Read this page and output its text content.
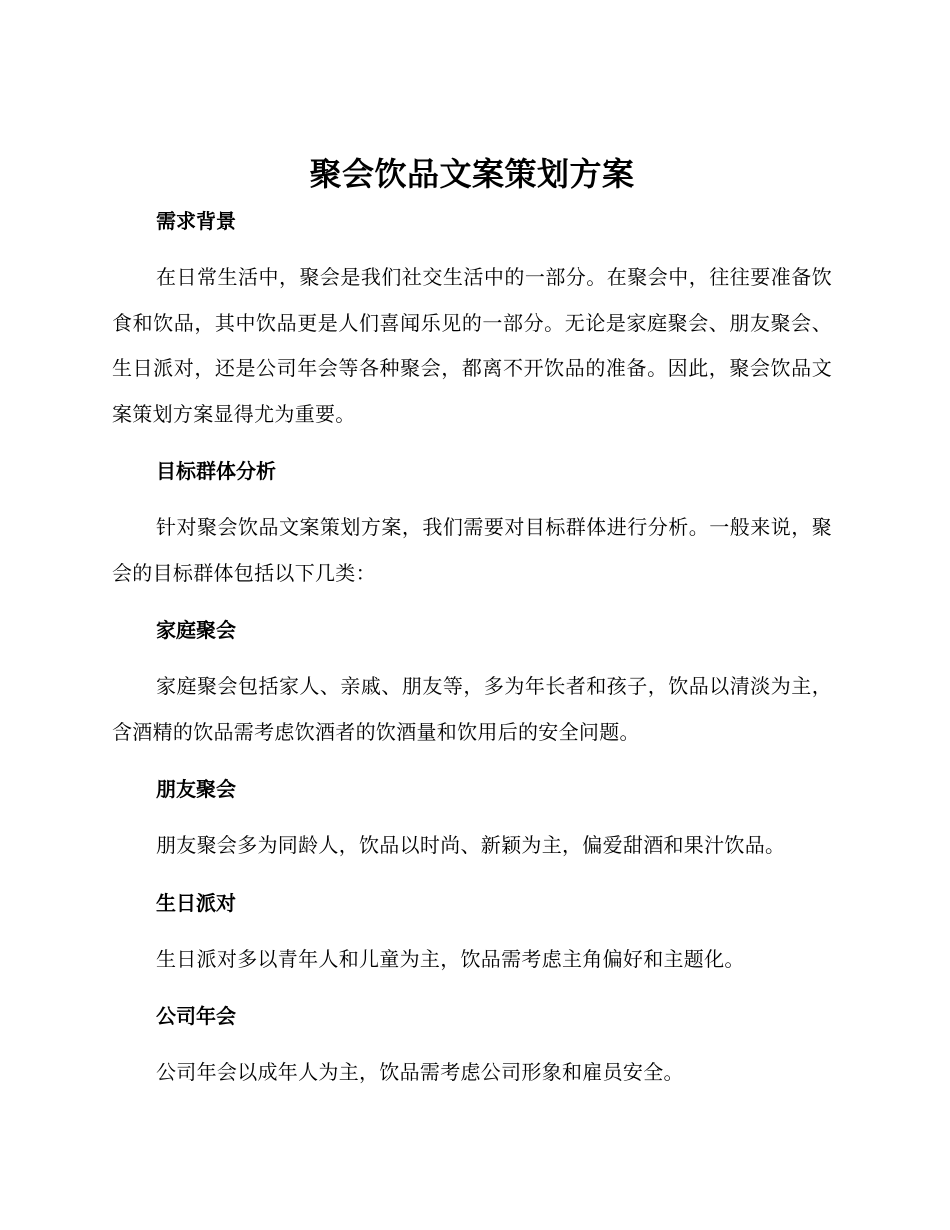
聚会饮品文案策划方案
需求背景

在日常生活中，聚会是我们社交生活中的一部分。在聚会中，往往要准备饮食和饮品，其中饮品更是人们喜闻乐见的一部分。无论是家庭聚会、朋友聚会、生日派对，还是公司年会等各种聚会，都离不开饮品的准备。因此，聚会饮品文案策划方案显得尤为重要。

目标群体分析

针对聚会饮品文案策划方案，我们需要对目标群体进行分析。一般来说，聚会的目标群体包括以下几类：

家庭聚会

家庭聚会包括家人、亲戚、朋友等，多为年长者和孩子，饮品以清淡为主，含酒精的饮品需考虑饮酒者的饮酒量和饮用后的安全问题。

朋友聚会

朋友聚会多为同龄人，饮品以时尚、新颖为主，偏爱甜酒和果汁饮品。

生日派对

生日派对多以青年人和儿童为主，饮品需考虑主角偏好和主题化。

公司年会

公司年会以成年人为主，饮品需考虑公司形象和雇员安全。
